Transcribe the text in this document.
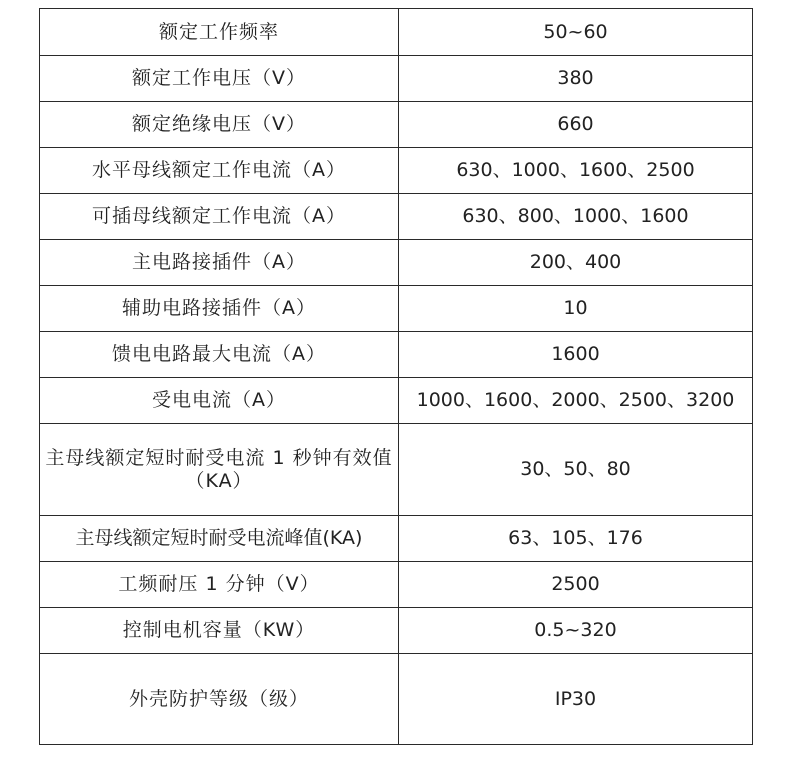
额定工作频率	50~60
额定工作电压（V）	380
额定绝缘电压（V）	660
水平母线额定工作电流（A）	630、1000、1600、2500
可插母线额定工作电流（A）	630、800、1000、1600
主电路接插件（A）	200、400
辅助电路接插件（A）	10
馈电电路最大电流（A）	1600
受电电流（A）	1000、1600、2000、2500、3200
主母线额定短时耐受电流 1 秒钟有效值（KA）	30、50、80
主母线额定短时耐受电流峰值(KA)	63、105、176
工频耐压 1 分钟（V）	2500
控制电机容量（KW）	0.5~320
外壳防护等级（级）	IP30
